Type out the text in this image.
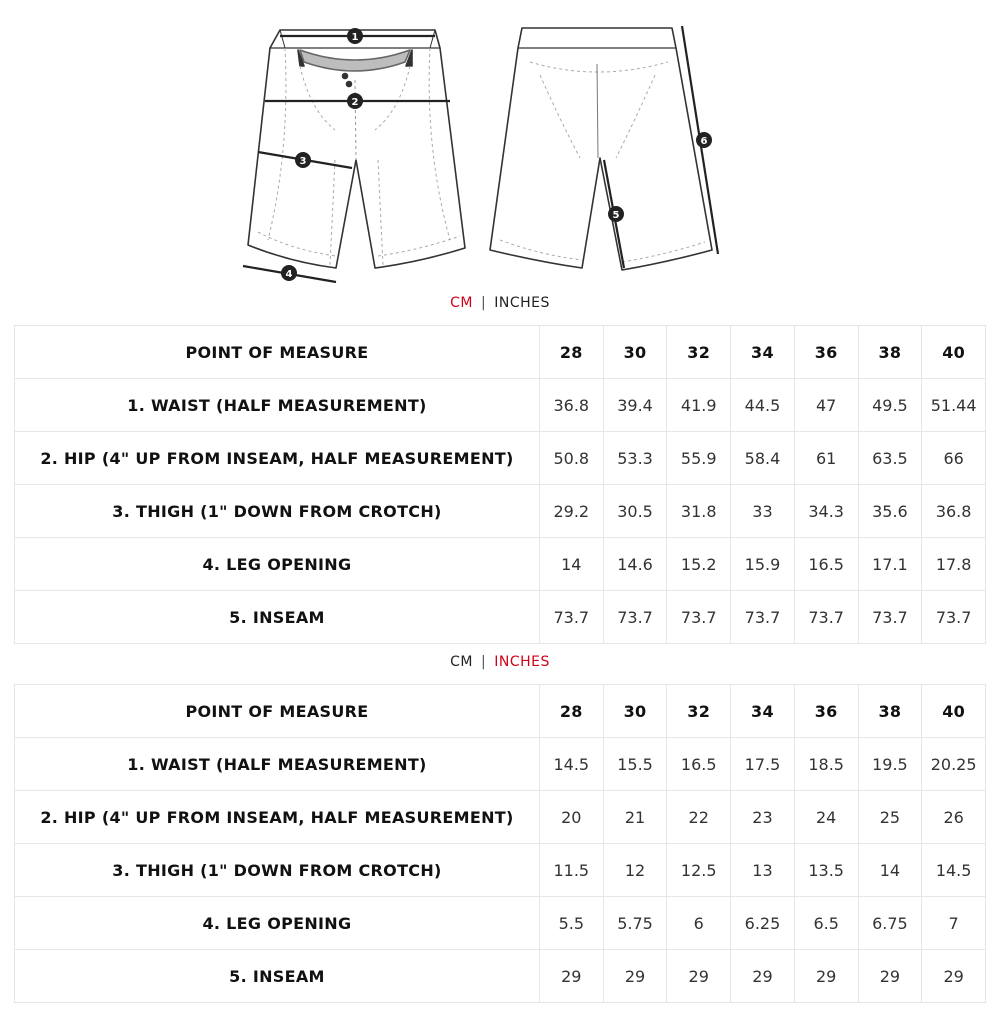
1
2
3
4
5
6
CM | INCHES
POINT OF MEASURE	28	30	32	34	36	38	40
1. WAIST (HALF MEASUREMENT)	36.8	39.4	41.9	44.5	47	49.5	51.44
2. HIP (4" UP FROM INSEAM, HALF MEASUREMENT)	50.8	53.3	55.9	58.4	61	63.5	66
3. THIGH (1" DOWN FROM CROTCH)	29.2	30.5	31.8	33	34.3	35.6	36.8
4. LEG OPENING	14	14.6	15.2	15.9	16.5	17.1	17.8
5. INSEAM	73.7	73.7	73.7	73.7	73.7	73.7	73.7
CM | INCHES
POINT OF MEASURE	28	30	32	34	36	38	40
1. WAIST (HALF MEASUREMENT)	14.5	15.5	16.5	17.5	18.5	19.5	20.25
2. HIP (4" UP FROM INSEAM, HALF MEASUREMENT)	20	21	22	23	24	25	26
3. THIGH (1" DOWN FROM CROTCH)	11.5	12	12.5	13	13.5	14	14.5
4. LEG OPENING	5.5	5.75	6	6.25	6.5	6.75	7
5. INSEAM	29	29	29	29	29	29	29
